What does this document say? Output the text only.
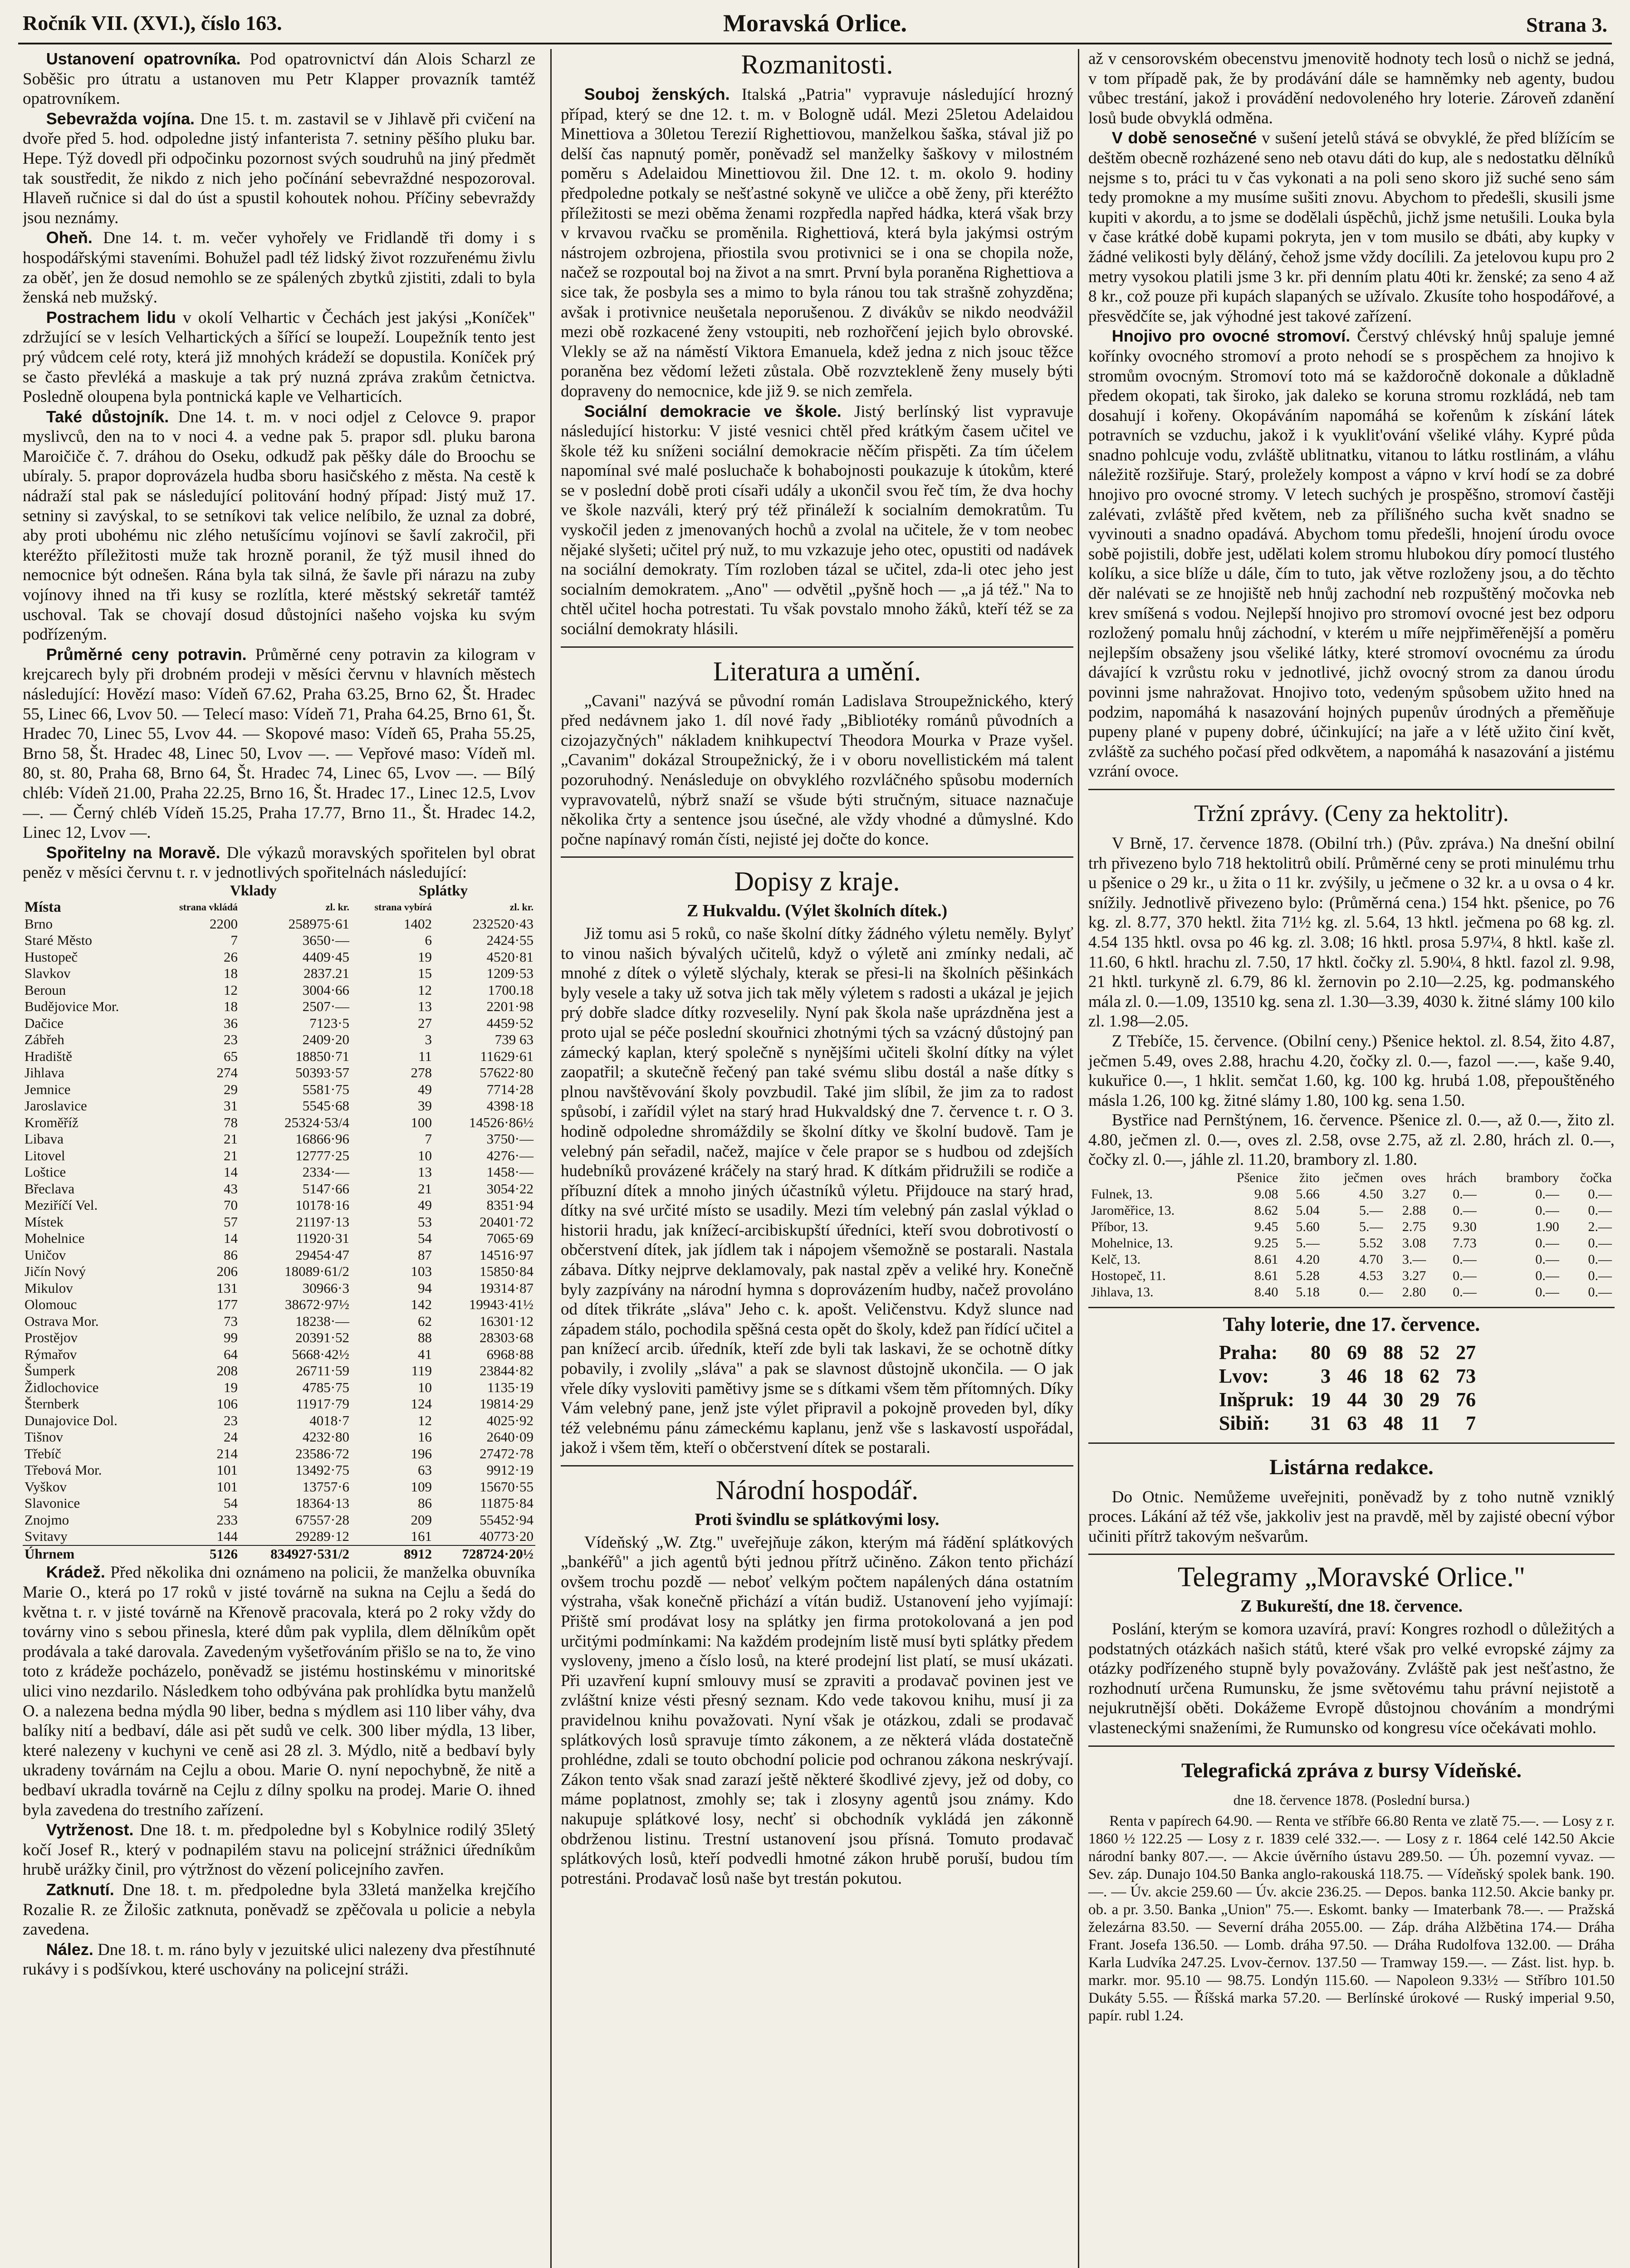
Ročník VII. (XVI.), číslo 163.	Moravská Orlice.	Strana 3.

Ustanovení opatrovníka. Pod opatrovnictví dán Alois Scharzl ze Soběšic pro útratu a ustanoven mu Petr Klapper provazník tamtéž opatrovníkem.

Sebevražda vojína. Dne 15. t. m. zastavil se v Jihlavě při cvičení na dvoře před 5. hod. odpoledne jistý infanterista 7. setniny pěšího pluku bar. Hepe. Týž dovedl při odpočinku pozornost svých soudruhů na jiný předmět tak soustředit, že nikdo z nich jeho počínání sebevraždné nespozoroval. Hlaveň ručnice si dal do úst a spustil kohoutek nohou. Příčiny sebevraždy jsou neznámy.

Oheň. Dne 14. t. m. večer vyhořely ve Fridlandě tři domy i s hospodářskými staveními. Bohužel padl též lidský život rozzuřenému živlu za oběť, jen že dosud nemohlo se ze spálených zbytků zjistiti, zdali to byla ženská neb mužský.

Postrachem lidu v okolí Velhartic v Čechách jest jakýsi „Koníček" zdržující se v lesích Velhartických a šířící se loupeží. Loupežník tento jest prý vůdcem celé roty, která již mnohých krádeží se dopustila. Koníček prý se často převléká a maskuje a tak prý nuzná zpráva zrakům četnictva. Posledně oloupena byla pontnická kaple ve Velharticích.

Také důstojník. Dne 14. t. m. v noci odjel z Celovce 9. prapor myslivců, den na to v noci 4. a vedne pak 5. prapor sdl. pluku barona Maroičiče č. 7. dráhou do Oseku, odkudž pak pěšky dále do Broochu se ubíraly. 5. prapor doprovázela hudba sboru hasičského z města. Na cestě k nádraží stal pak se následující politování hodný případ: Jistý muž 17. setniny si zavýskal, to se setníkovi tak velice nelíbilo, že uznal za dobré, aby proti ubohému nic zlého netušícímu vojínovi se šavlí zakročil, při kteréžto příležitosti muže tak hrozně poranil, že týž musil ihned do nemocnice být odnešen. Rána byla tak silná, že šavle při nárazu na zuby vojínovy ihned na tři kusy se rozlítla, které městský sekretář tamtéž uschoval. Tak se chovají dosud důstojníci našeho vojska ku svým podřízeným.

Průměrné ceny potravin. Průměrné ceny potravin za kilogram v krejcarech byly při drobném prodeji v měsíci červnu v hlavních městech následující: Hovězí maso: Vídeň 67.62, Praha 63.25, Brno 62, Št. Hradec 55, Linec 66, Lvov 50. — Telecí maso: Vídeň 71, Praha 64.25, Brno 61, Št. Hradec 70, Linec 55, Lvov 44. — Skopové maso: Vídeň 65, Praha 55.25, Brno 58, Št. Hradec 48, Linec 50, Lvov —. — Vepřové maso: Vídeň ml. 80, st. 80, Praha 68, Brno 64, Št. Hradec 74, Linec 65, Lvov —. — Bílý chléb: Vídeň 21.00, Praha 22.25, Brno 16, Št. Hradec 17., Linec 12.5, Lvov —. — Černý chléb Vídeň 15.25, Praha 17.77, Brno 11., Št. Hradec 14.2, Linec 12, Lvov —.

Spořitelny na Moravě. Dle výkazů moravských spořitelen byl obrat peněz v měsíci červnu t. r. v jednotlivých spořitelnách následující:

	Vklady		Splátky	
Místa	strana vkládá	zl. kr.	strana vybírá	zl. kr.
Brno	2200	258975·61	1402	232520·43
Staré Město	7	3650·—	6	2424·55
Hustopeč	26	4409·45	19	4520·81
Slavkov	18	2837.21	15	1209·53
Beroun	12	3004·66	12	1700.18
Budějovice Mor.	18	2507·—	13	2201·98
Dačice	36	7123·5	27	4459·52
Zábřeh	23	2409·20	3	739 63
Hradiště	65	18850·71	11	11629·61
Jihlava	274	50393·57	278	57622·80
Jemnice	29	5581·75	49	7714·28
Jaroslavice	31	5545·68	39	4398·18
Kroměříž	78	25324·53/4	100	14526·86½
Libava	21	16866·96	7	3750·—
Litovel	21	12777·25	10	4276·—
Loštice	14	2334·—	13	1458·—
Břeclava	43	5147·66	21	3054·22
Meziříčí Vel.	70	10178·16	49	8351·94
Místek	57	21197·13	53	20401·72
Mohelnice	14	11920·31	54	7065·69
Uničov	86	29454·47	87	14516·97
Jičín Nový	206	18089·61/2	103	15850·84
Mikulov	131	30966·3	94	19314·87
Olomouc	177	38672·97½	142	19943·41½
Ostrava Mor.	73	18238·—	62	16301·12
Prostějov	99	20391·52	88	28303·68
Rýmařov	64	5668·42½	41	6968·88
Šumperk	208	26711·59	119	23844·82
Židlochovice	19	4785·75	10	1135·19
Šternberk	106	11917·79	124	19814·29
Dunajovice Dol.	23	4018·7	12	4025·92
Tišnov	24	4232·80	16	2640·09
Třebíč	214	23586·72	196	27472·78
Třebová Mor.	101	13492·75	63	9912·19
Vyškov	101	13757·6	109	15670·55
Slavonice	54	18364·13	86	11875·84
Znojmo	233	67557·28	209	55452·94
Svitavy	144	29289·12	161	40773·20
Úhrnem	5126	834927·531/2	8912	728724·20½

Krádež. Před několika dni oznámeno na policii, že manželka obuvníka Marie O., která po 17 roků v jisté továrně na sukna na Cejlu a šedá do května t. r. v jisté továrně na Křenově pracovala, která po 2 roky vždy do továrny vino s sebou přinesla, které dům pak vyplila, dlem dělníkům opět prodávala a také darovala. Zavedeným vyšetřováním přišlo se na to, že vino toto z krádeže pocházelo, poněvadž se jistému hostinskému v minoritské ulici vino nezdarilo. Následkem toho odbývána pak prohlídka bytu manželů O. a nalezena bedna mýdla 90 liber, bedna s mýdlem asi 110 liber váhy, dva balíky nití a bedbaví, dále asi pět sudů ve celk. 300 liber mýdla, 13 liber, které nalezeny v kuchyni ve ceně asi 28 zl. 3. Mýdlo, nitě a bedbaví byly ukradeny továrnám na Cejlu a obou. Marie O. nyní nepochybně, že nitě a bedbaví ukradla továrně na Cejlu z dílny spolku na prodej. Marie O. ihned byla zavedena do trestního zařízení.

Vytrženost. Dne 18. t. m. předpoledne byl s Kobylnice rodilý 35letý kočí Josef R., který v podnapilém stavu na policejní strážnici úředníkům hrubě urážky činil, pro výtržnost do vězení policejního zavřen.

Zatknutí. Dne 18. t. m. předpoledne byla 33letá manželka krejčího Rozalie R. ze Žilošic zatknuta, poněvadž se zpěčovala u policie a nebyla zavedena.

Nález. Dne 18. t. m. ráno byly v jezuitské ulici nalezeny dva přestíhnuté rukávy i s podšívkou, které uschovány na policejní stráži.

Rozmanitosti.

Souboj ženských. Italská „Patria" vypravuje následující hrozný případ, který se dne 12. t. m. v Bologně udál. Mezi 25letou Adelaidou Minettiova a 30letou Terezií Righettiovou, manželkou šaška, stával již po delší čas napnutý poměr, poněvadž sel manželky šaškovy v milostném poměru s Adelaidou Minettiovou žil. Dne 12. t. m. okolo 9. hodiny předpoledne potkaly se nešťastné sokyně ve uličce a obě ženy, při kteréžto příležitosti se mezi oběma ženami rozpředla napřed hádka, která však brzy v krvavou rvačku se proměnila. Righettiová, která byla jakýmsi ostrým nástrojem ozbrojena, přiostila svou protivnici se i ona se chopila nože, načež se rozpoutal boj na život a na smrt. První byla poraněna Righettiova a sice tak, že posbyla ses a mimo to byla ránou tou tak strašně zohyzděna; avšak i protivnice neušetala neporušenou. Z divákův se nikdo neodvážil mezi obě rozkacené ženy vstoupiti, neb rozhořčení jejich bylo obrovské. Vlekly se až na náměstí Viktora Emanuela, kdež jedna z nich jsouc těžce poraněna bez vědomí ležeti zůstala. Obě rozvztekleně ženy musely býti dopraveny do nemocnice, kde již 9. se nich zemřela.

Sociální demokracie ve škole. Jistý berlínský list vypravuje následující historku: V jisté vesnici chtěl před krátkým časem učitel ve škole též ku sníženi sociální demokracie něčím přispěti. Za tím účelem napomínal své malé posluchače k bohabojnosti poukazuje k útokům, které se v poslední době proti císaři udály a ukončil svou řeč tím, že dva hochy ve škole nazváli, který prý též přináleží k socialním demokratům. Tu vyskočil jeden z jmenovaných hochů a zvolal na učitele, že v tom neobec nějaké slyšeti; učitel prý nuž, to mu vzkazuje jeho otec, opustiti od nadávek na sociální demokraty. Tím rozloben tázal se učitel, zda-li otec jeho jest socialním demokratem. „Ano" — odvětil „pyšně hoch — „a já též." Na to chtěl učitel hocha potrestati. Tu však povstalo mnoho žáků, kteří též se za sociální demokraty hlásili.

Literatura a umění.

„Cavani" nazývá se původní román Ladislava Stroupežnického, který před nedávnem jako 1. díl nové řady „Bibliotéky románů původních a cizojazyčných" nákladem knihkupectví Theodora Mourka v Praze vyšel. „Cavanim" dokázal Stroupežnický, že i v oboru novellistickém má talent pozoruhodný. Nenásleduje on obvyklého rozvláčného spůsobu moderních vypravovatelů, nýbrž snaží se všude býti stručným, situace naznačuje několika črty a sentence jsou úsečné, ale vždy vhodné a důmyslné. Kdo počne napínavý román čísti, nejisté jej dočte do konce.

Dopisy z kraje.
Z Hukvaldu. (Výlet školních dítek.)

Již tomu asi 5 roků, co naše školní dítky žádného výletu neměly. Bylyť to vinou našich bývalých učitelů, když o výletě ani zmínky nedali, ač mnohé z dítek o výletě slýchaly, kterak se přesi-li na školních pěšinkách byly vesele a taky už sotva jich tak měly výletem s radosti a ukázal je jejich prý dobře sladce dítky rozveselily. Nyní pak škola naše uprázdněna jest a proto ujal se péče poslední skouřnici zhotnými tých sa vzácný důstojný pan zámecký kaplan, který společně s nynějšími učiteli školní dítky na výlet zaopatřil; a skutečně řečený pan také svému slibu dostál a naše dítky s plnou navštěvování školy povzbudil. Také jim slíbil, že jim za to radost spůsobí, i zařídil výlet na starý hrad Hukvaldský dne 7. července t. r. O 3. hodině odpoledne shromáždily se školní dítky ve školní budově. Tam je velebný pán seřadil, načež, majíce v čele prapor se s hudbou od zdejších hudebníků provázené kráčely na starý hrad. K dítkám přidružili se rodiče a příbuzní dítek a mnoho jiných účastníků výletu. Přijdouce na starý hrad, dítky na své určité místo se usadily. Mezi tím velebný pán zaslal výklad o historii hradu, jak knížecí-arcibiskupští úředníci, kteří svou dobrotivostí o občerstvení dítek, jak jídlem tak i nápojem všemožně se postarali. Nastala zábava. Dítky nejprve deklamovaly, pak nastal zpěv a veliké hry. Konečně byly zazpívány na národní hymna s doprovázením hudby, načež provoláno od dítek třikráte „sláva" Jeho c. k. apošt. Veličenstvu. Když slunce nad západem stálo, pochodila spěšná cesta opět do školy, kdež pan řídící učitel a pan knížecí arcib. úředník, kteří zde byli tak laskavi, že se ochotně dítky pobavily, i zvolily „sláva" a pak se slavnost důstojně ukončila. — O jak vřele díky vysloviti pamětivy jsme se s dítkami všem těm přítomných. Díky Vám velebný pane, jenž jste výlet připravil a pokojně proveden byl, díky též velebnému pánu zámeckému kaplanu, jenž vše s laskavostí uspořádal, jakož i všem těm, kteří o občerstvení dítek se postarali.

Národní hospodář.
Proti švindlu se splátkovými losy.

Vídeňský „W. Ztg." uveřejňuje zákon, kterým má řádění splátkových „bankéřů" a jich agentů býti jednou přítrž učiněno. Zákon tento přichází ovšem trochu pozdě — neboť velkým počtem napálených dána ostatním výstraha, však konečně přichází a vítán budiž. Ustanovení jeho vyjímají: Přiště smí prodávat losy na splátky jen firma protokolovaná a jen pod určitými podmínkami: Na každém prodejním listě musí byti splátky předem vysloveny, jmeno a číslo losů, na které prodejní list platí, se musí ukázati. Při uzavření kupní smlouvy musí se zpraviti a prodavač povinen jest ve zvláštní knize vésti přesný seznam. Kdo vede takovou knihu, musí ji za pravidelnou knihu považovati. Nyní však je otázkou, zdali se prodavač splátkových losů spravuje tímto zákonem, a ze některá vláda dostatečně prohlédne, zdali se touto obchodní policie pod ochranou zákona neskrývají. Zákon tento však snad zarazí ještě některé škodlivé zjevy, jež od doby, co máme poplatnost, zmohly se; tak i zlosyny agentů jsou známy. Kdo nakupuje splátkové losy, nechť si obchodník vykládá jen zákonně obdrženou listinu. Trestní ustanovení jsou přísná. Tomuto prodavač splátkových losů, kteří podvedli hmotné zákon hrubě poruší, budou tím potrestáni. Prodavač losů naše byt trestán pokutou.

až v censorovském obecenstvu jmenovitě hodnoty tech losů o nichž se jedná, v tom případě pak, že by prodávání dále se hamněmky neb agenty, budou vůbec trestání, jakož i provádění nedovoleného hry loterie. Zároveň zdanění losů bude obvyklá odměna.

V době senosečné v sušení jetelů stává se obvyklé, že před blížícím se deštěm obecně rozházené seno neb otavu dáti do kup, ale s nedostatku dělníků nejsme s to, práci tu v čas vykonati a na poli seno skoro již suché seno sám tedy promokne a my musíme sušiti znovu. Abychom to předešli, skusili jsme kupiti v akordu, a to jsme se dodělali úspěchů, jichž jsme netušili. Louka byla v čase krátké době kupami pokryta, jen v tom musilo se dbáti, aby kupky v žádné velikosti byly děláný, čehož jsme vždy docílili. Za jetelovou kupu pro 2 metry vysokou platili jsme 3 kr. při denním platu 40ti kr. ženské; za seno 4 až 8 kr., což pouze při kupách slapaných se užívalo. Zkusíte toho hospodářové, a přesvědčíte se, jak výhodné jest takové zařízení.

Hnojivo pro ovocné stromoví. Čerstvý chlévský hnůj spaluje jemné kořínky ovocného stromoví a proto nehodí se s prospěchem za hnojivo k stromům ovocným. Stromoví toto má se každoročně dokonale a důkladně předem okopati, tak široko, jak daleko se koruna stromu rozkládá, neb tam dosahují i kořeny. Okopáváním napomáhá se kořenům k získání látek potravních se vzduchu, jakož i k vyuklit'ování všeliké vláhy. Kypré půda snadno pohlcuje vodu, zvláště ublitnatku, vitanou to látku rostlinám, a vláhu náležitě rozšiřuje. Starý, proležely kompost a vápno v krví hodí se za dobré hnojivo pro ovocné stromy. V letech suchých je prospěšno, stromoví častěji zalévati, zvláště před květem, neb za přílišného sucha květ snadno se vyvinouti a snadno opadává. Abychom tomu předešli, hnojení úrodu ovoce sobě pojistili, dobře jest, udělati kolem stromu hlubokou díry pomocí tlustého kolíku, a sice blíže u dále, čím to tuto, jak větve rozloženy jsou, a do těchto děr nalévati se ze hnojiště neb hnůj zachodní neb rozpuštěný močovka neb krev smíšená s vodou. Nejlepší hnojivo pro stromoví ovocné jest bez odporu rozložený pomalu hnůj záchodní, v kterém u míře nejpřiměřenější a poměru nejlepším obsaženy jsou všeliké látky, které stromoví ovocnému za úrodu dávající k vzrůstu roku v jednotlivé, jichž ovocný strom za danou úrodu povinni jsme nahražovat. Hnojivo toto, vedeným spůsobem užito hned na podzim, napomáhá k nasazování hojných pupenův úrodných a přeměňuje pupeny plané v pupeny dobré, účinkující; na jaře a v létě užito činí květ, zvláště za suchého počasí před odkvětem, a napomáhá k nasazování a jistému vzrání ovoce.

Tržní zprávy. (Ceny za hektolitr).

V Brně, 17. července 1878. (Obilní trh.) (Pův. zpráva.) Na dnešní obilní trh přivezeno bylo 718 hektolitrů obilí. Průměrné ceny se proti minulému trhu u pšenice o 29 kr., u žita o 11 kr. zvýšily, u ječmene o 32 kr. a u ovsa o 4 kr. snížily. Jednotlivě přivezeno bylo: (Průměrná cena.) 154 hkt. pšenice, po 76 kg. zl. 8.77, 370 hektl. žita 71½ kg. zl. 5.64, 13 hktl. ječmena po 68 kg. zl. 4.54 135 hktl. ovsa po 46 kg. zl. 3.08; 16 hktl. prosa 5.97¼, 8 hktl. kaše zl. 11.60, 6 hktl. hrachu zl. 7.50, 17 hktl. čočky zl. 5.90¼, 8 hktl. fazol zl. 9.98, 21 hktl. turkyně zl. 6.79, 86 kl. žernovin po 2.10—2.25, kg. podmanského mála zl. 0.—1.09, 13510 kg. sena zl. 1.30—3.39, 4030 k. žitné slámy 100 kilo zl. 1.98—2.05.

Z Třebíče, 15. července. (Obilní ceny.) Pšenice hektol. zl. 8.54, žito 4.87, ječmen 5.49, oves 2.88, hrachu 4.20, čočky zl. 0.—, fazol —.—, kaše 9.40, kukuřice 0.—, 1 hklit. semčat 1.60, kg. 100 kg. hrubá 1.08, přepouštěného másla 1.26, 100 kg. žitné slámy 1.80, 100 kg. sena 1.50.

Bystřice nad Pernštýnem, 16. července. Pšenice zl. 0.—, až 0.—, žito zl. 4.80, ječmen zl. 0.—, oves zl. 2.58, ovse 2.75, až zl. 2.80, hrách zl. 0.—, čočky zl. 0.—, jáhle zl. 11.20, brambory zl. 1.80.

	Pšenice	žito	ječmen	oves	hrách	brambory	čočka
Fulnek, 13.	9.08	5.66	4.50	3.27	0.—	0.—	0.—
Jaroměřice, 13.	8.62	5.04	5.—	2.88	0.—	0.—	0.—
Příbor, 13.	9.45	5.60	5.—	2.75	9.30	1.90	2.—
Mohelnice, 13.	9.25	5.—	5.52	3.08	7.73	0.—	0.—
Kelč, 13.	8.61	4.20	4.70	3.—	0.—	0.—	0.—
Hostopeč, 11.	8.61	5.28	4.53	3.27	0.—	0.—	0.—
Jihlava, 13.	8.40	5.18	0.—	2.80	0.—	0.—	0.—
Tahy loterie, dne 17. července.
Praha:	80	69	88	52	27
Lvov:	3	46	18	62	73
Inšpruk:	19	44	30	29	76
Sibiň:	31	63	48	11	7
Listárna redakce.

Do Otnic. Nemůžeme uveřejniti, poněvadž by z toho nutně vzniklý proces. Lákání až též vše, jakkoliv jest na pravdě, měl by zajisté obecní výbor učiniti přítrž takovým nešvarům.

Telegramy „Moravské Orlice."
Z Bukureští, dne 18. července.

Poslání, kterým se komora uzavírá, praví: Kongres rozhodl o důležitých a podstatných otázkách našich států, které však pro velké evropské zájmy za otázky podřízeného stupně byly považovány. Zvláště pak jest nešťastno, že rozhodnutí určena Rumunsku, že jsme světovému tahu právní nejistotě a nejukrutnější oběti. Dokážeme Evropě důstojnou chováním a mondrými vlasteneckými snaženími, že Rumunsko od kongresu více očekávati mohlo.

Telegrafická zpráva z bursy Vídeňské.
dne 18. července 1878. (Poslední bursa.)

Renta v papírech 64.90. — Renta ve stříbře 66.80 Renta ve zlatě 75.—. — Losy z r. 1860 ½ 122.25 — Losy z r. 1839 celé 332.—. — Losy z r. 1864 celé 142.50 Akcie národní banky 807.—. — Akcie úvěrního ústavu 289.50. — Úh. pozemní vyvaz. — Sev. záp. Dunajo 104.50 Banka anglo-rakouská 118.75. — Vídeňský spolek bank. 190.—. — Úv. akcie 259.60 — Úv. akcie 236.25. — Depos. banka 112.50. Akcie banky pr. ob. a pr. 3.50. Banka „Union" 75.—. Eskomt. banky — Imaterbank 78.—. — Pražská železárna 83.50. — Severní dráha 2055.00. — Záp. dráha Alžbětina 174.— Dráha Frant. Josefa 136.50. — Lomb. dráha 97.50. — Dráha Rudolfova 132.00. — Dráha Karla Ludvíka 247.25. Lvov-černov. 137.50 — Tramway 159.—. — Zást. list. hyp. b. markr. mor. 95.10 — 98.75. Londýn 115.60. — Napoleon 9.33½ — Stříbro 101.50 Dukáty 5.55. — Říšská marka 57.20. — Berlínské úrokové — Ruský imperial 9.50, papír. rubl 1.24.
